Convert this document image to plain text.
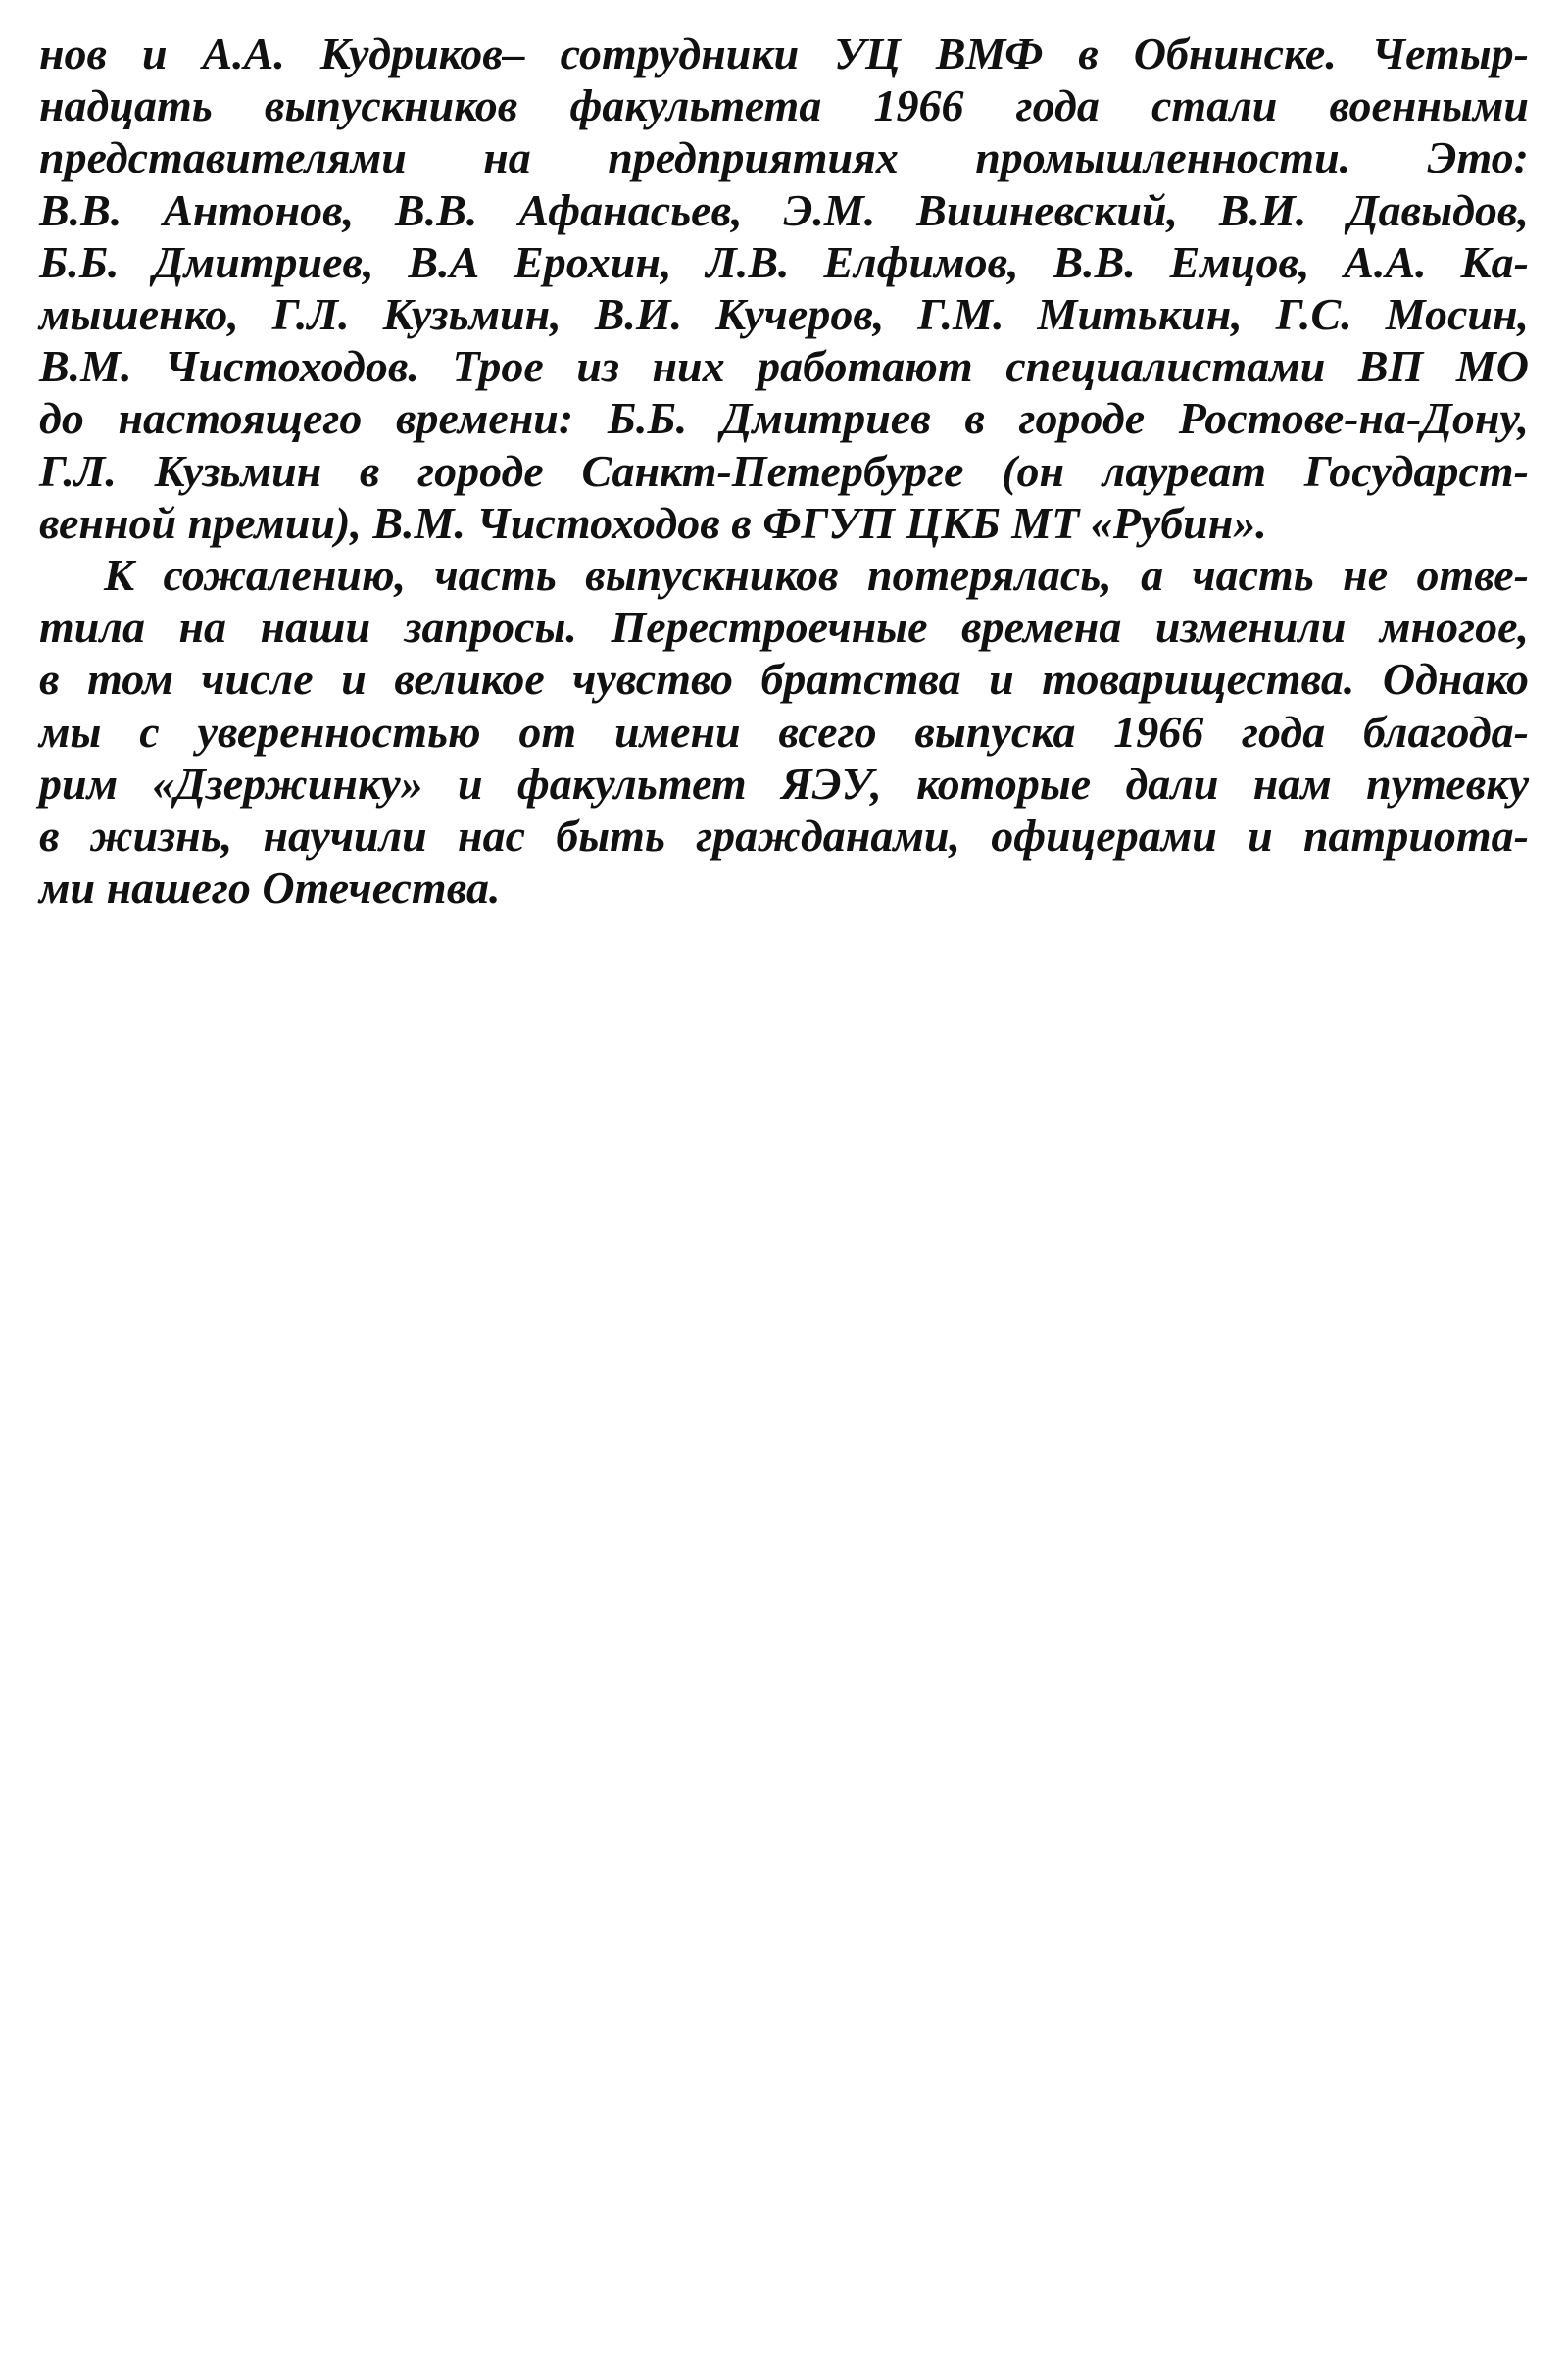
нов и А.А. Кудриков– сотрудники УЦ ВМФ в Обнинске. Четыр-
надцать выпускников факультета 1966 года стали военными
представителями на предприятиях промышленности. Это:
В.В. Антонов, В.В. Афанасьев, Э.М. Вишневский, В.И. Давыдов,
Б.Б. Дмитриев, В.А Ерохин, Л.В. Елфимов, В.В. Емцов, А.А. Ка-
мышенко, Г.Л. Кузьмин, В.И. Кучеров, Г.М. Митькин, Г.С. Мосин,
В.М. Чистоходов. Трое из них работают специалистами ВП МО
до настоящего времени: Б.Б. Дмитриев в городе Ростове-на-Дону,
Г.Л. Кузьмин в городе Санкт-Петербурге (он лауреат Государст-
венной премии), В.М. Чистоходов в ФГУП ЦКБ МТ «Рубин».
К сожалению, часть выпускников потерялась, а часть не отве-
тила на наши запросы. Перестроечные времена изменили многое,
в том числе и великое чувство братства и товарищества. Однако
мы с уверенностью от имени всего выпуска 1966 года благода-
рим «Дзержинку» и факультет ЯЭУ, которые дали нам путевку
в жизнь, научили нас быть гражданами, офицерами и патриота-
ми нашего Отечества.
